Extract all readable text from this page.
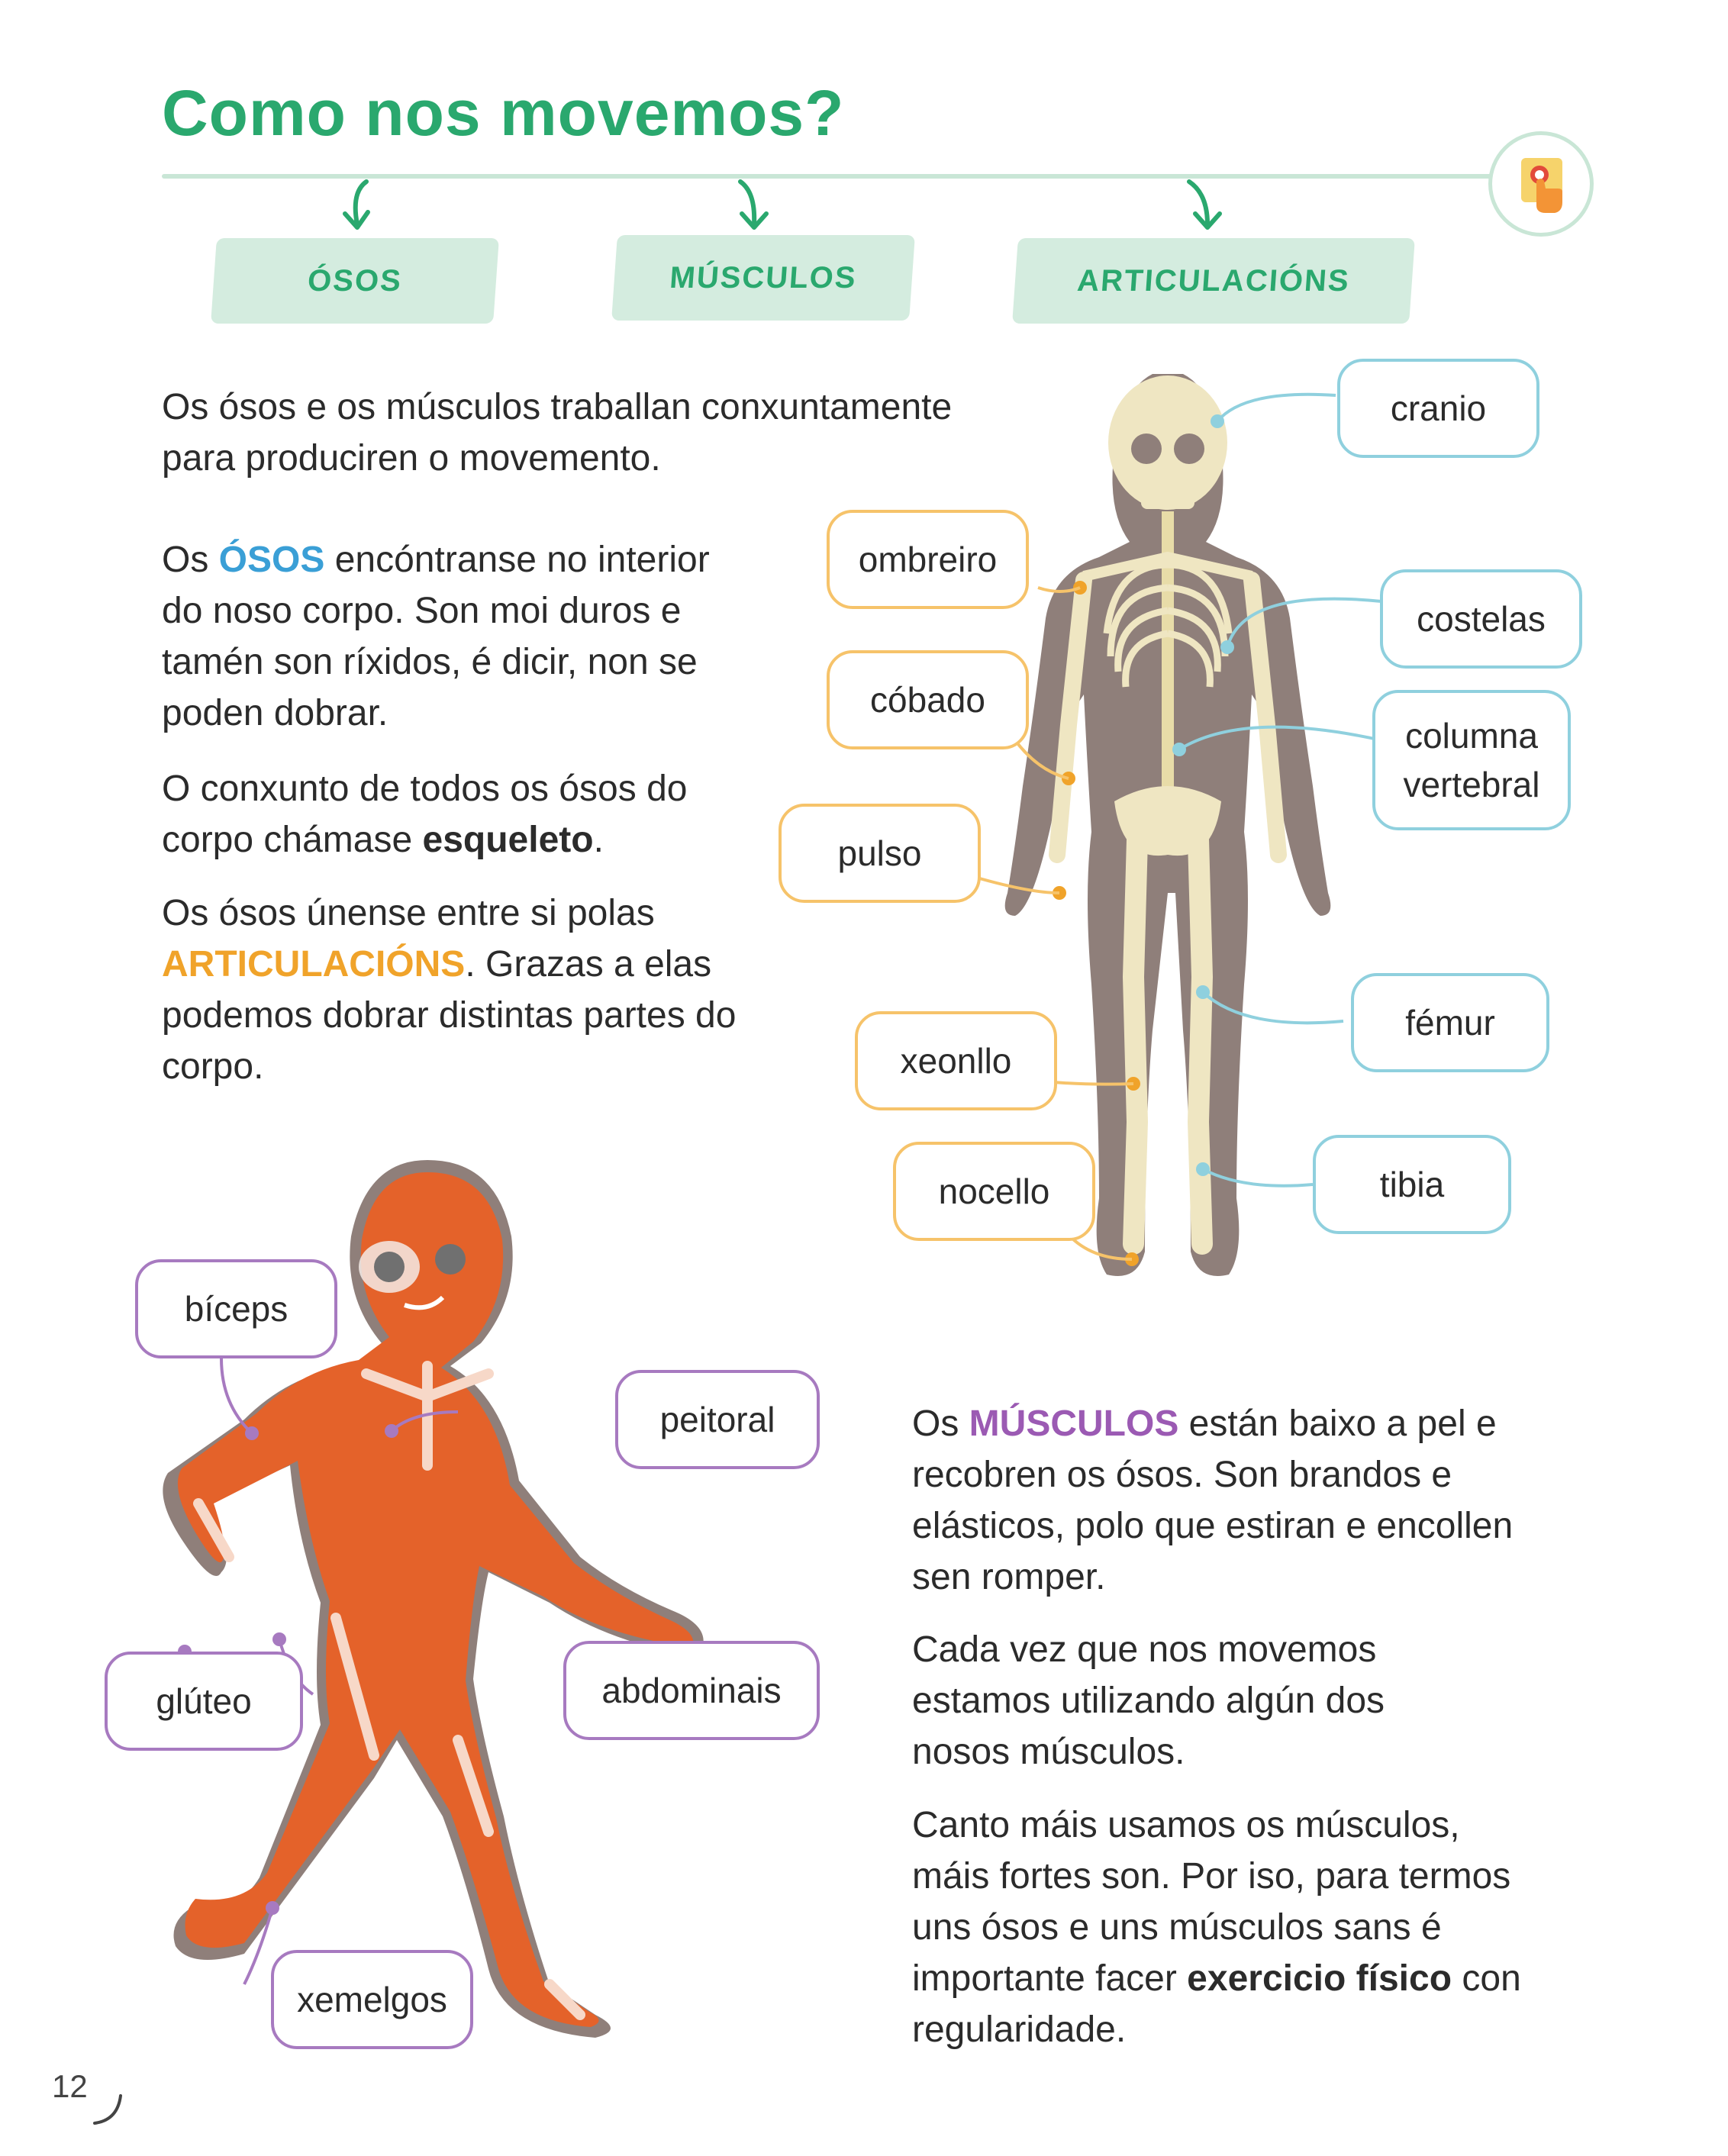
Como nos movemos?
ÓSOS	MÚSCULOS	ARTICULACIÓNS
Os ósos e os músculos traballan conxuntamente para produciren o movemento.
Os ÓSOS encóntranse no interior do noso corpo. Son moi duros e tamén son ríxidos, é dicir, non se poden dobrar.
O conxunto de todos os ósos do corpo chámase esqueleto.
Os ósos únense entre si polas ARTICULACIÓNS. Grazas a elas podemos dobrar distintas partes do corpo.
cranio
costelas
columna vertebral
fémur
tibia
ombreiro
cóbado
pulso
xeonllo
nocello
bíceps
peitoral
glúteo	abdominais
xemelgos
Os MÚSCULOS están baixo a pel e recobren os ósos. Son brandos e elásticos, polo que estiran e encollen sen romper.
Cada vez que nos movemos estamos utilizando algún dos nosos músculos.
Canto máis usamos os músculos, máis fortes son. Por iso, para termos uns ósos e uns músculos sans é importante facer exercicio físico con regularidade.
12
